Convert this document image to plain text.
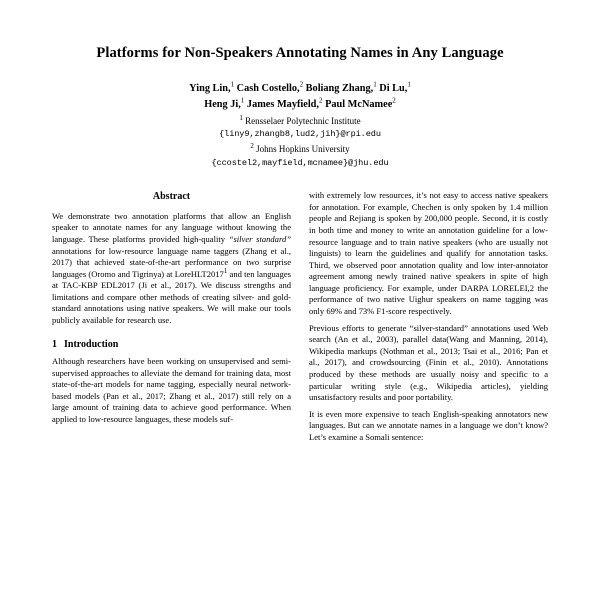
Platforms for Non-Speakers Annotating Names in Any Language
Ying Lin,$^1$ Cash Costello,$^2$ Boliang Zhang,$^1$ Di Lu,$^1$
Heng Ji,$^1$ James Mayfield,$^2$ Paul McNamee$^2$
$^1$ Rensselaer Polytechnic Institute
{liny9,zhangb8,lud2,jih}@rpi.edu
$^2$ Johns Hopkins University
{ccostel2,mayfield,mcnamee}@jhu.edu
Abstract

We demonstrate two annotation platforms that allow an English speaker to annotate names for any language without knowing the language. These platforms provided high-quality “silver standard” annotations for low-resource language name taggers (Zhang et al., 2017) that achieved state-of-the-art performance on two surprise languages (Oromo and Tigrinya) at LoreHLT2017$^1$ and ten languages at TAC-KBP EDL2017 (Ji et al., 2017). We discuss strengths and limitations and compare other methods of creating silver- and gold-standard annotations using native speakers. We will make our tools publicly available for research use.

1 Introduction

Although researchers have been working on unsupervised and semi-supervised approaches to alleviate the demand for training data, most state-of-the-art models for name tagging, especially neural network-based models (Pan et al., 2017; Zhang et al., 2017) still rely on a large amount of training data to achieve good performance. When applied to low-resource languages, these models suf-

with extremely low resources, it’s not easy to access native speakers for annotation. For example, Chechen is only spoken by 1.4 million people and Rejiang is spoken by 200,000 people. Second, it is costly in both time and money to write an annotation guideline for a low-resource language and to train native speakers (who are usually not linguists) to learn the guidelines and qualify for annotation tasks. Third, we observed poor annotation quality and low inter-annotator agreement among newly trained native speakers in spite of high language proficiency. For example, under DARPA LORELEI,2 the performance of two native Uighur speakers on name tagging was only 69% and 73% F1-score respectively.

Previous efforts to generate “silver-standard” annotations used Web search (An et al., 2003), parallel data(Wang and Manning, 2014), Wikipedia markups (Nothman et al., 2013; Tsai et al., 2016; Pan et al., 2017), and crowdsourcing (Finin et al., 2010). Annotations produced by these methods are usually noisy and specific to a particular writing style (e.g., Wikipedia articles), yielding unsatisfactory results and poor portability.

It is even more expensive to teach English-speaking annotators new languages. But can we annotate names in a language we don’t know? Let’s examine a Somali sentence:
